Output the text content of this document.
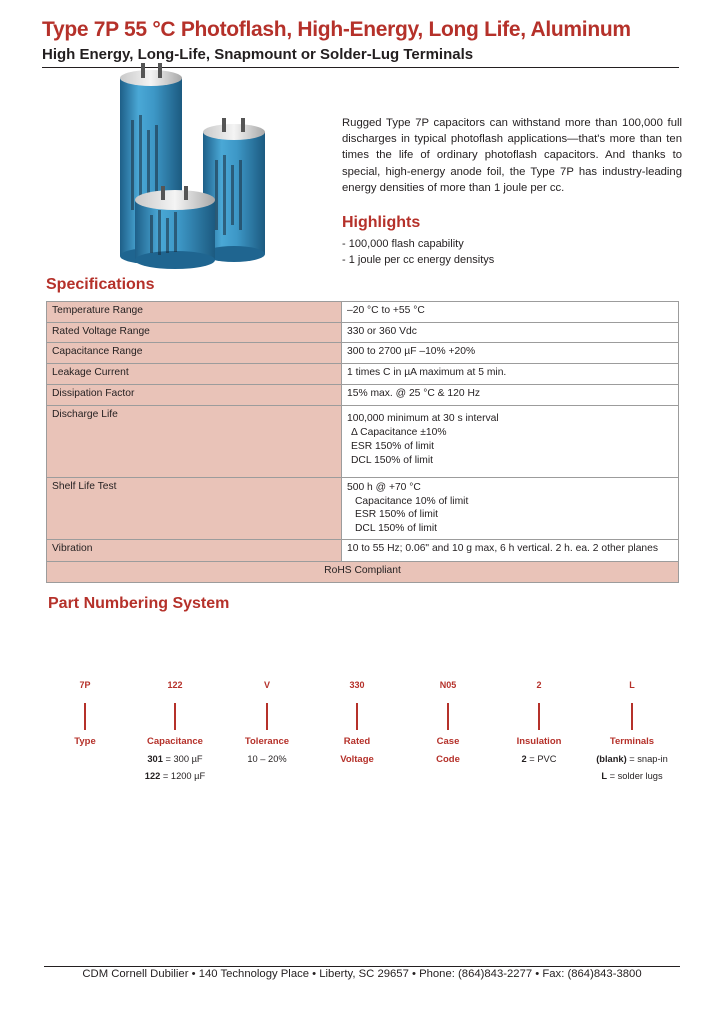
Type 7P 55 °C Photoflash, High-Energy, Long Life, Aluminum
High Energy, Long-Life, Snapmount or Solder-Lug Terminals
Rugged Type 7P capacitors can withstand more than 100,000 full discharges in typical photoflash applications—that's more than ten times the life of ordinary photoflash capacitors. And thanks to special, high-energy anode foil, the Type 7P has industry-leading energy densities of more than 1 joule per cc.
Highlights
- 100,000 flash capability
- 1 joule per cc energy densitys
Specifications
Temperature Range	–20 °C to +55 °C

Rated Voltage Range	330 or 360 Vdc

Capacitance Range	300 to 2700 µF –10% +20%

Leakage Current	1 times C in µA maximum at 5 min.

Dissipation Factor	15% max. @ 25 °C & 120 Hz

Discharge Life	100,000 minimum at 30 s interval
Δ Capacitance ±10%
ESR 150% of limit
DCL 150% of limit

Shelf Life Test	500 h @ +70 °C
Capacitance 10% of limit
ESR 150% of limit
DCL 150% of limit

Vibration	10 to 55 Hz; 0.06" and 10 g max, 6 h vertical. 2 h. ea. 2 other planes

RoHS Compliant	
Part Numbering System
7P
Type
122
Capacitance
301 = 300 µF
122 = 1200 µF
V
Tolerance
10 – 20%
330
Rated
Voltage
N05
Case
Code
2
Insulation
2 = PVC
L
Terminals
(blank) = snap-in
L = solder lugs
CDM Cornell Dubilier • 140 Technology Place • Liberty, SC 29657 • Phone: (864)843-2277 • Fax: (864)843-3800
